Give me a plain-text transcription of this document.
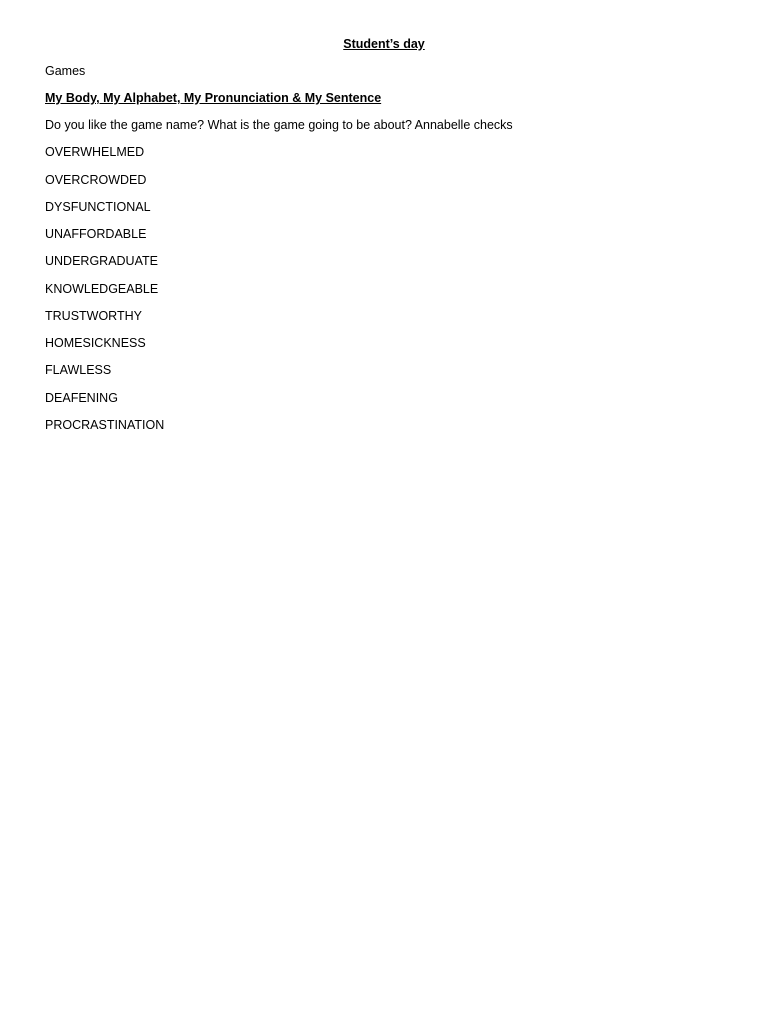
Student’s day

Games

My Body, My Alphabet, My Pronunciation & My Sentence

Do you like the game name? What is the game going to be about? Annabelle checks

OVERWHELMED
OVERCROWDED
DYSFUNCTIONAL
UNAFFORDABLE
UNDERGRADUATE
KNOWLEDGEABLE
TRUSTWORTHY
HOMESICKNESS
FLAWLESS
DEAFENING
PROCRASTINATION
